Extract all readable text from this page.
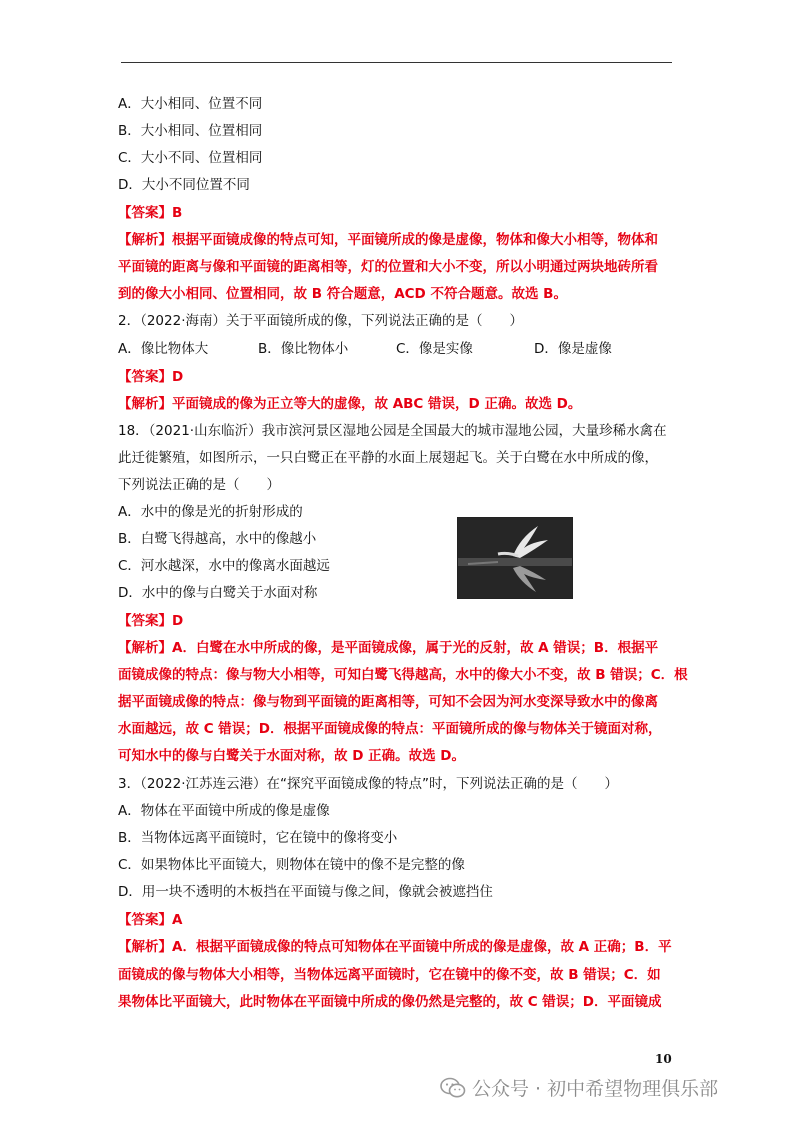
A．大小相同、位置不同
B．大小相同、位置相同
C．大小不同、位置相同
D．大小不同位置不同
【答案】B
【解析】根据平面镜成像的特点可知，平面镜所成的像是虚像，物体和像大小相等，物体和
平面镜的距离与像和平面镜的距离相等，灯的位置和大小不变，所以小明通过两块地砖所看
到的像大小相同、位置相同，故 B 符合题意，ACD 不符合题意。故选 B。
2．（2022·海南）关于平面镜所成的像，下列说法正确的是（　　）
A．像比物体大	B．像比物体小	C．像是实像	D．像是虚像
【答案】D
【解析】平面镜成的像为正立等大的虚像，故 ABC 错误，D 正确。故选 D。
18．（2021·山东临沂）我市滨河景区湿地公园是全国最大的城市湿地公园，大量珍稀水禽在
此迁徙繁殖，如图所示，一只白鹭正在平静的水面上展翅起飞。关于白鹭在水中所成的像，
下列说法正确的是（　　）
A．水中的像是光的折射形成的
B．白鹭飞得越高，水中的像越小
C．河水越深，水中的像离水面越远
D．水中的像与白鹭关于水面对称
【答案】D
【解析】A．白鹭在水中所成的像，是平面镜成像，属于光的反射，故 A 错误；B．根据平
面镜成像的特点：像与物大小相等，可知白鹭飞得越高，水中的像大小不变，故 B 错误；C．根
据平面镜成像的特点：像与物到平面镜的距离相等，可知不会因为河水变深导致水中的像离
水面越远，故 C 错误；D．根据平面镜成像的特点：平面镜所成的像与物体关于镜面对称，
可知水中的像与白鹭关于水面对称，故 D 正确。故选 D。
3．（2022·江苏连云港）在“探究平面镜成像的特点”时，下列说法正确的是（　　）
A．物体在平面镜中所成的像是虚像
B．当物体远离平面镜时，它在镜中的像将变小
C．如果物体比平面镜大，则物体在镜中的像不是完整的像
D．用一块不透明的木板挡在平面镜与像之间，像就会被遮挡住
【答案】A
【解析】A．根据平面镜成像的特点可知物体在平面镜中所成的像是虚像，故 A 正确；B．平
面镜成的像与物体大小相等，当物体远离平面镜时，它在镜中的像不变，故 B 错误；C．如
果物体比平面镜大，此时物体在平面镜中所成的像仍然是完整的，故 C 错误；D．平面镜成
10
公众号 · 初中希望物理俱乐部
